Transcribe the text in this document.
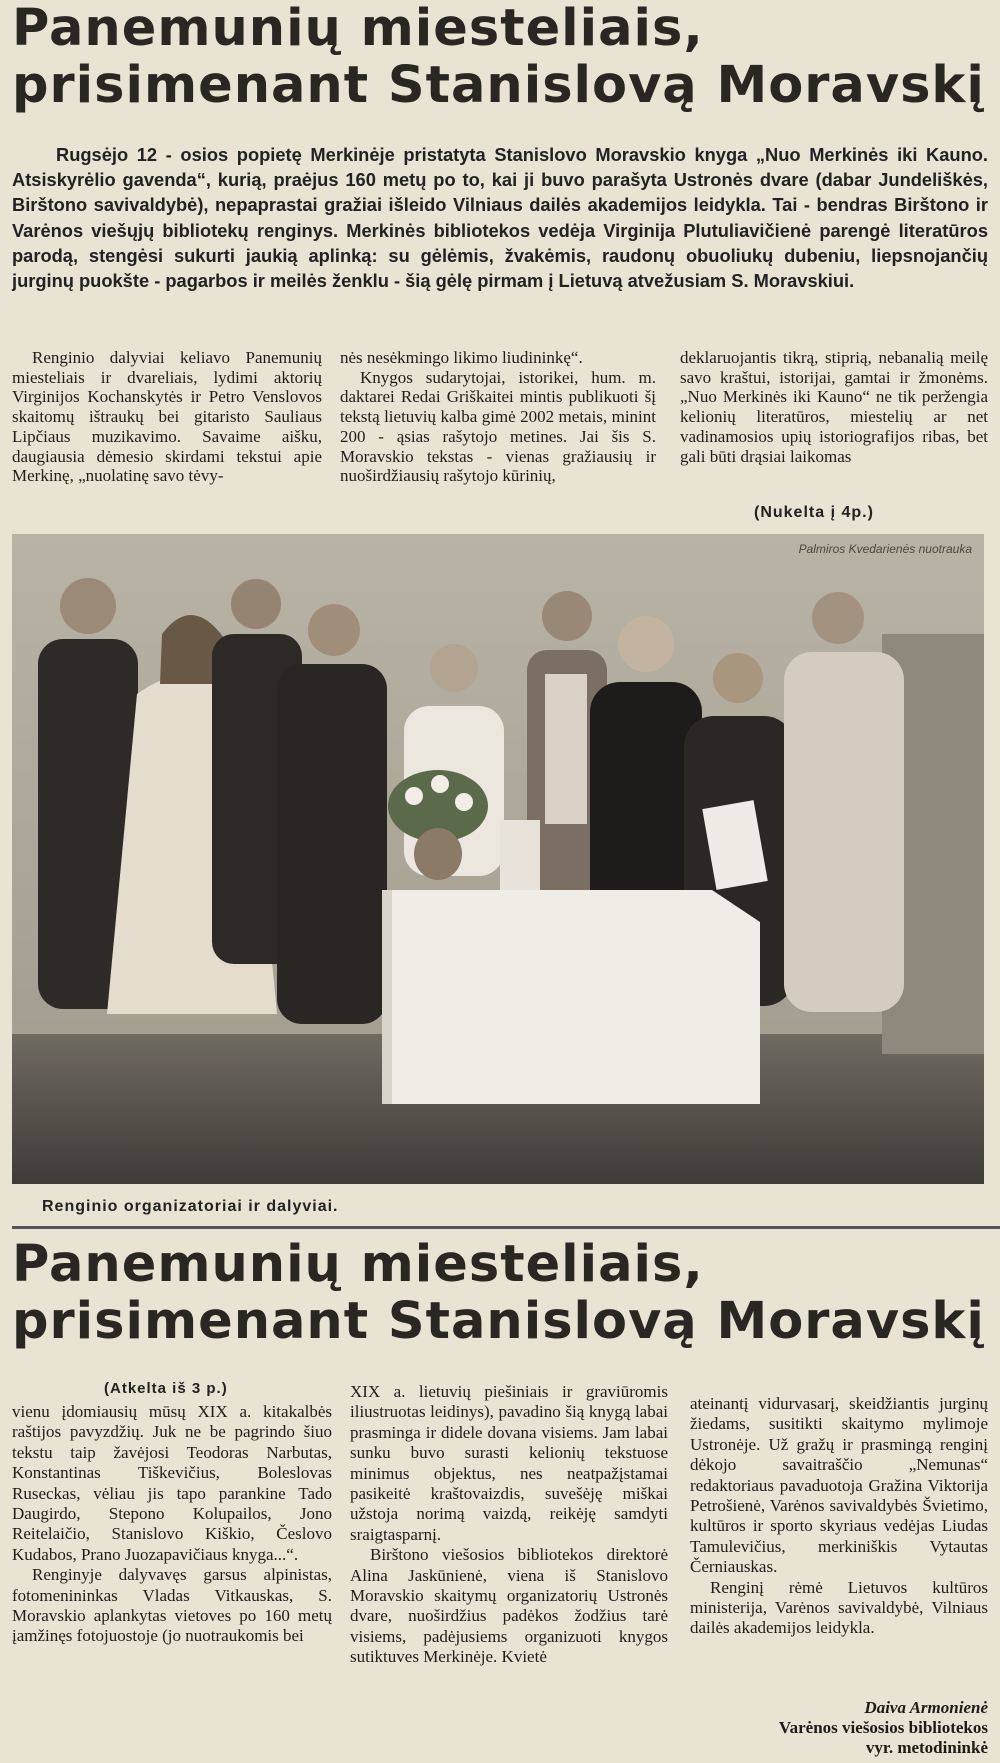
Panemunių miesteliais,
prisimenant Stanislovą Moravskį

Rugsėjo 12 - osios popietę Merkinėje pristatyta Stanislovo Moravskio knyga „Nuo Merkinės iki Kauno. Atsiskyrėlio gavenda“, kurią, praėjus 160 metų po to, kai ji buvo parašyta Ustronės dvare (dabar Jundeliškės, Birštono savivaldybė), nepaprastai gražiai išleido Vilniaus dailės akademijos leidykla. Tai - bendras Birštono ir Varėnos viešųjų bibliotekų renginys. Merkinės bibliotekos vedėja Virginija Plutuliavičienė parengė literatūros parodą, stengėsi sukurti jaukią aplinką: su gėlėmis, žvakėmis, raudonų obuoliukų dubeniu, liepsnojančių jurginų puokšte - pagarbos ir meilės ženklu - šią gėlę pirmam į Lietuvą atvežusiam S. Moravskiui.

Renginio dalyviai keliavo Panemunių miesteliais ir dvareliais, lydimi aktorių Virginijos Kochanskytės ir Petro Venslovos skaitomų ištraukų bei gitaristo Sauliaus Lipčiaus muzikavimo. Savaime aišku, daugiausia dėmesio skirdami tekstui apie Merkinę, „nuolatinę savo tėvy-

nės nesėkmingo likimo liudininkę“.

Knygos sudarytojai, istorikei, hum. m. daktarei Redai Griškaitei mintis publikuoti šį tekstą lietuvių kalba gimė 2002 metais, minint 200 - ąsias rašytojo metines. Jai šis S. Moravskio tekstas - vienas gražiausių ir nuoširdžiausių rašytojo kūrinių,

deklaruojantis tikrą, stiprią, nebanalią meilę savo kraštui, istorijai, gamtai ir žmonėms. „Nuo Merkinės iki Kauno“ ne tik peržengia kelionių literatūros, miestelių ar net vadinamosios upių istoriografijos ribas, bet gali būti drąsiai laikomas

(Nukelta į 4p.)
Palmiros Kvedarienės nuotrauka
Renginio organizatoriai ir dalyviai.
Panemunių miesteliais,
prisimenant Stanislovą Moravskį
(Atkelta iš 3 p.)

vienu įdomiausių mūsų XIX a. kitakalbės raštijos pavyzdžių. Juk ne be pagrindo šiuo tekstu taip žavėjosi Teodoras Narbutas, Konstantinas Tiškevičius, Boleslovas Ruseckas, vėliau jis tapo parankine Tado Daugirdo, Stepono Kolupailos, Jono Reitelaičio, Stanislovo Kiškio, Česlovo Kudabos, Prano Juozapavičiaus knyga...“.

Renginyje dalyvavęs garsus alpinistas, fotomenininkas Vladas Vitkauskas, S. Moravskio aplankytas vietoves po 160 metų įamžinęs fotojuostoje (jo nuotraukomis bei

XIX a. lietuvių piešiniais ir graviūromis iliustruotas leidinys), pavadino šią knygą labai prasminga ir didele dovana visiems. Jam labai sunku buvo surasti kelionių tekstuose minimus objektus, nes neatpažįstamai pasikeitė kraštovaizdis, suvešėję miškai užstoja norimą vaizdą, reikėję samdyti sraigtasparnį.

Birštono viešosios bibliotekos direktorė Alina Jaskūnienė, viena iš Stanislovo Moravskio skaitymų organizatorių Ustronės dvare, nuoširdžius padėkos žodžius tarė visiems, padėjusiems organizuoti knygos sutiktuves Merkinėje. Kvietė

ateinantį vidurvasarį, skeidžiantis jurginų žiedams, susitikti skaitymo mylimoje Ustronėje. Už gražų ir prasmingą renginį dėkojo savaitraščio „Nemunas“ redaktoriaus pavaduotoja Gražina Viktorija Petrošienė, Varėnos savivaldybės Švietimo, kultūros ir sporto skyriaus vedėjas Liudas Tamulevičius, merkiniškis Vytautas Černiauskas.

Renginį rėmė Lietuvos kultūros ministerija, Varėnos savivaldybė, Vilniaus dailės akademijos leidykla.

Daiva Armonienė
Varėnos viešosios bibliotekos
vyr. metodininkė
